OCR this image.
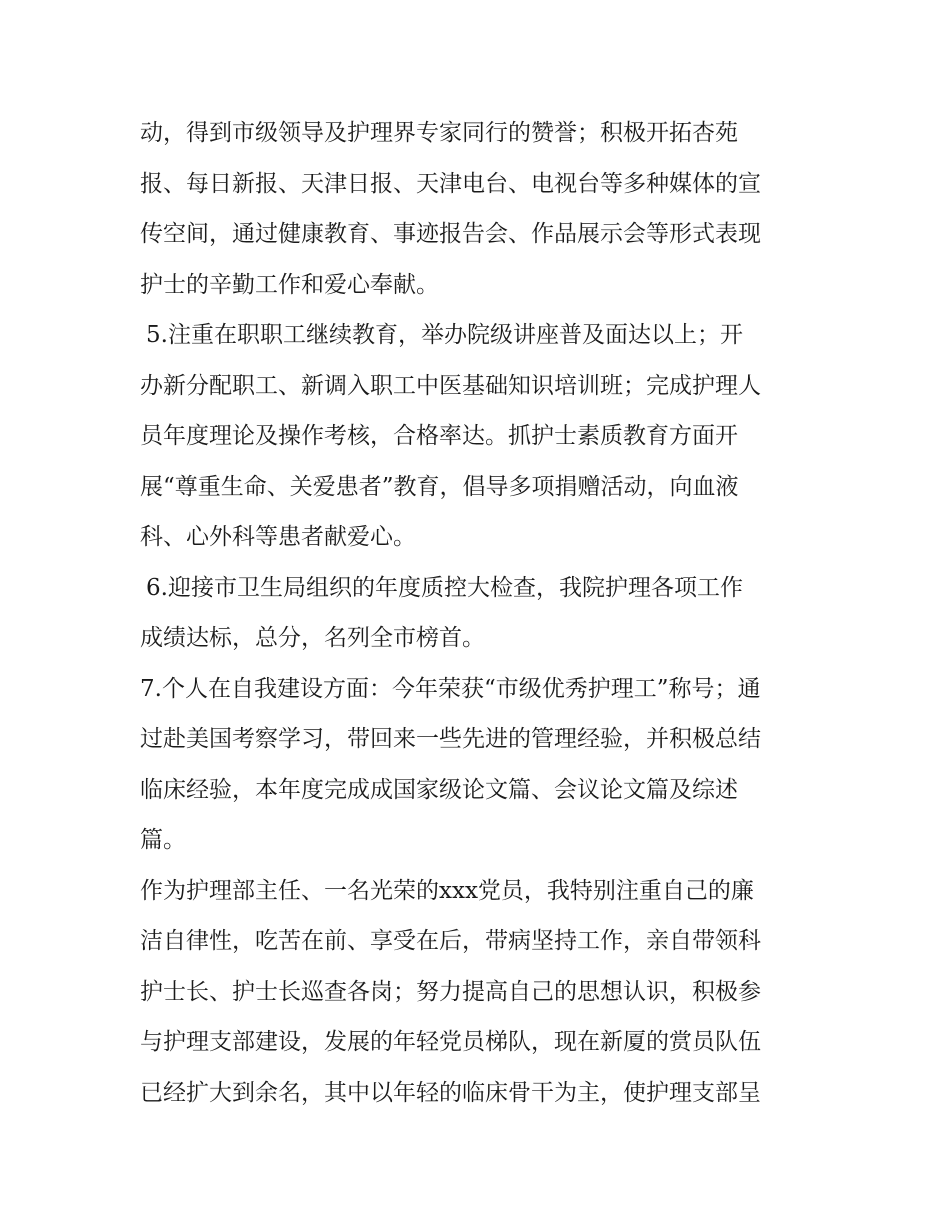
动，得到市级领导及护理界专家同行的赞誉；积极开拓杏苑
报、每日新报、天津日报、天津电台、电视台等多种媒体的宣
传空间，通过健康教育、事迹报告会、作品展示会等形式表现
护士的辛勤工作和爱心奉献。
5.注重在职职工继续教育，举办院级讲座普及面达以上；开
办新分配职工、新调入职工中医基础知识培训班；完成护理人
员年度理论及操作考核，合格率达。抓护士素质教育方面开
展“尊重生命、关爱患者”教育，倡导多项捐赠活动，向血液
科、心外科等患者献爱心。
6.迎接市卫生局组织的年度质控大检查，我院护理各项工作
成绩达标，总分，名列全市榜首。
7.个人在自我建设方面：今年荣获“市级优秀护理工”称号；通
过赴美国考察学习，带回来一些先进的管理经验，并积极总结
临床经验，本年度完成成国家级论文篇、会议论文篇及综述
篇。
作为护理部主任、一名光荣的xxx党员，我特别注重自己的廉
洁自律性，吃苦在前、享受在后，带病坚持工作，亲自带领科
护士长、护士长巡查各岗；努力提高自己的思想认识，积极参
与护理支部建设，发展的年轻党员梯队，现在新厦的赏员队伍
已经扩大到余名，其中以年轻的临床骨干为主，使护理支部呈
